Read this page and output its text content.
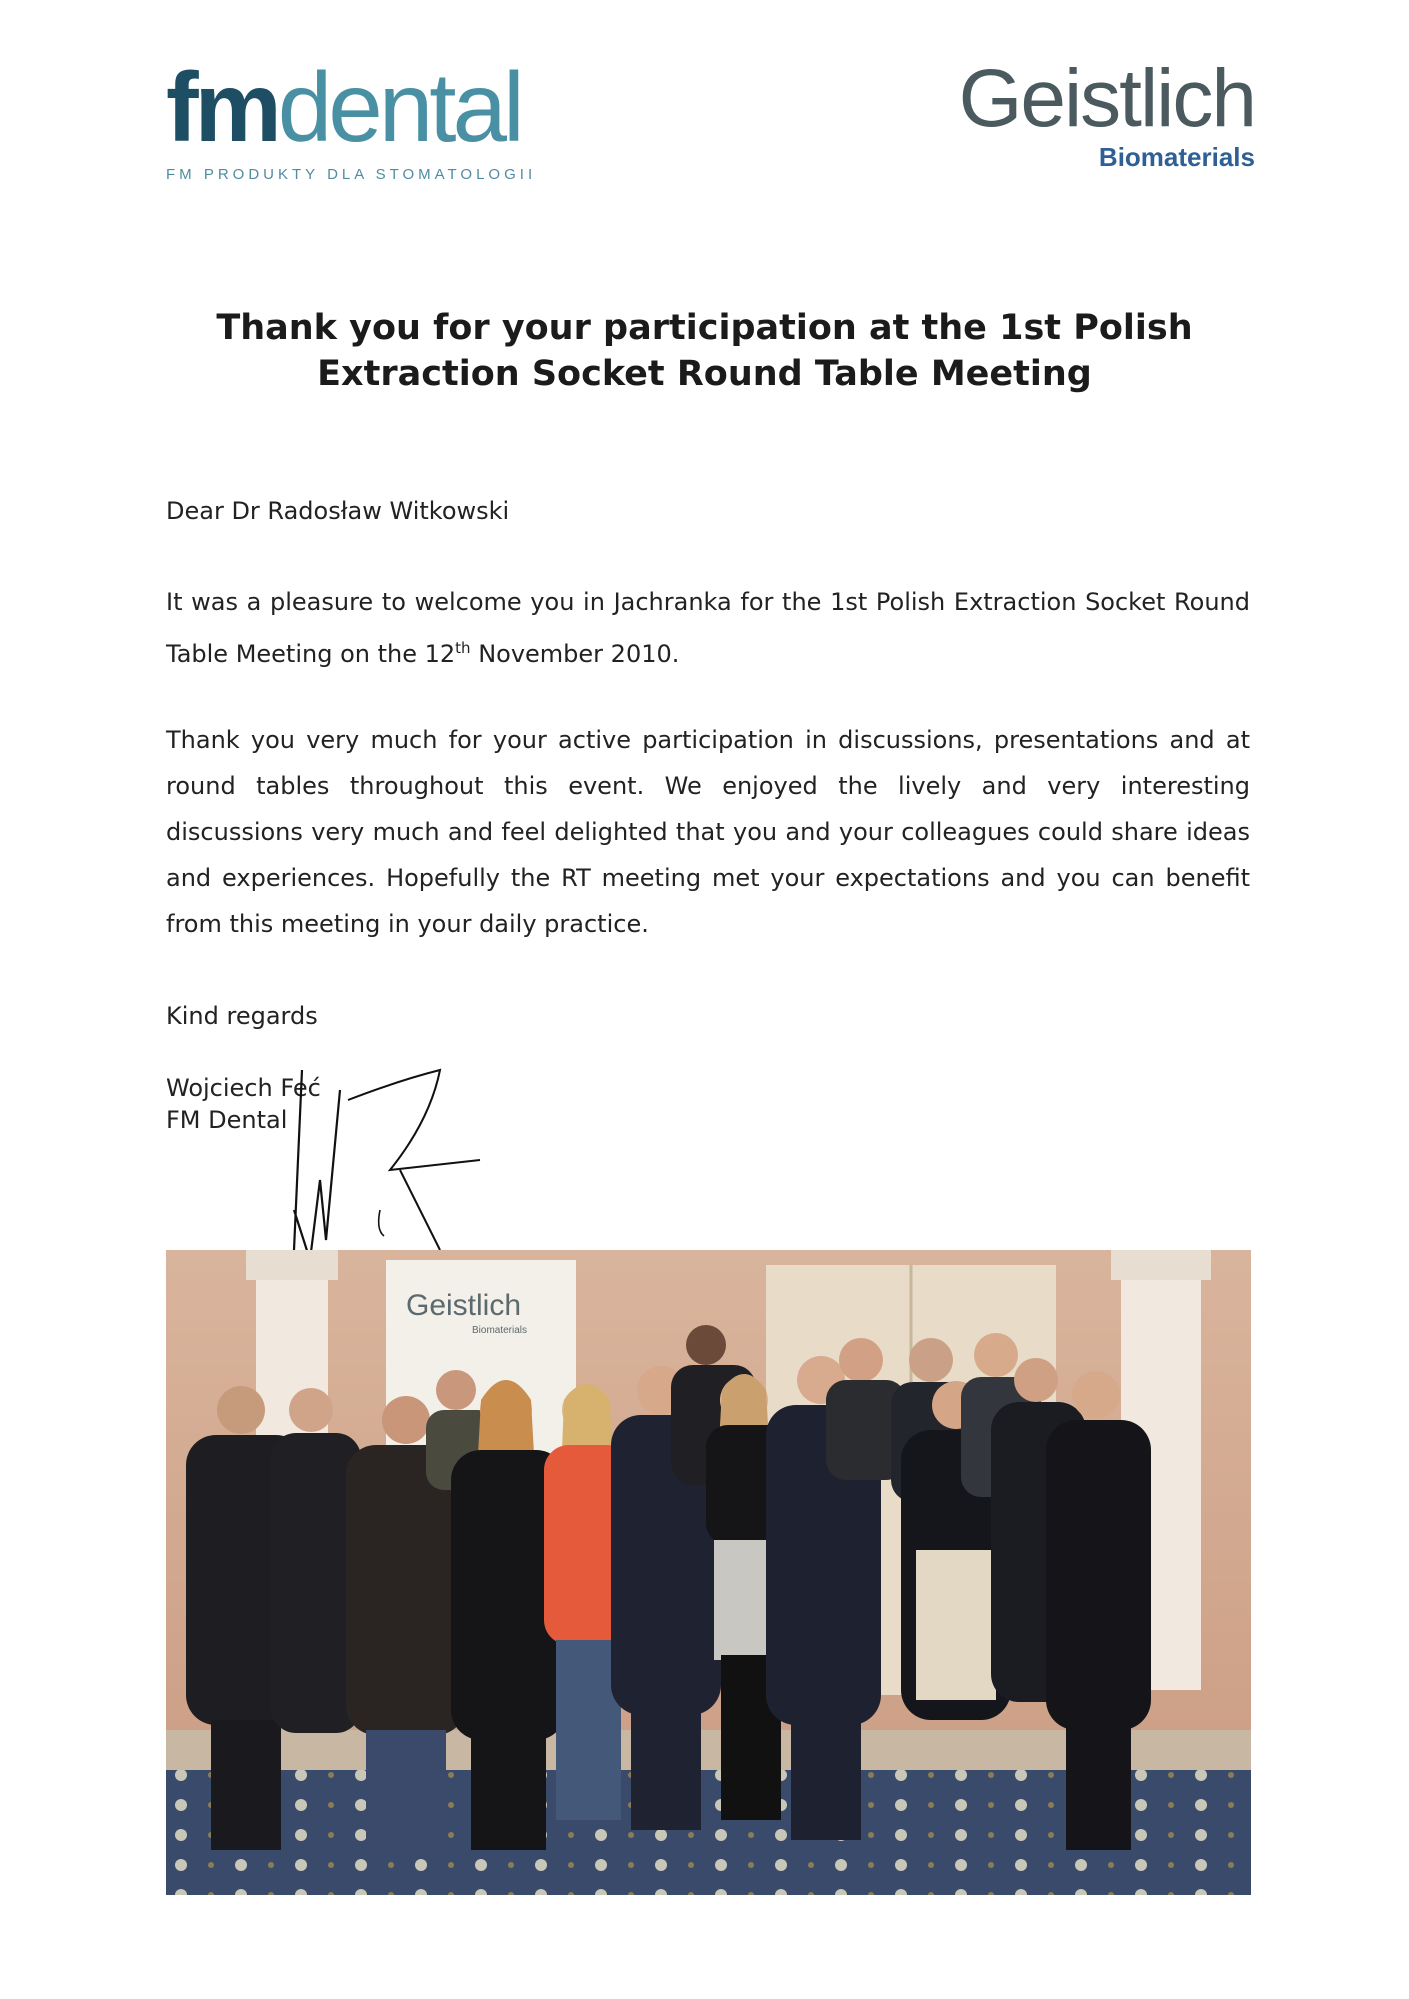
fmdental
FM PRODUKTY DLA STOMATOLOGII
Geistlich
Biomaterials
Thank you for your participation at the 1st Polish Extraction Socket Round Table Meeting
Dear Dr Radosław Witkowski
It was a pleasure to welcome you in Jachranka for the 1st Polish Extraction Socket Round Table Meeting on the 12th November 2010.
Thank you very much for your active participation in discussions, presentations and at round tables throughout this event. We enjoyed the lively and very interesting discussions very much and feel delighted that you and your colleagues could share ideas and experiences. Hopefully the RT meeting met your expectations and you can benefit from this meeting in your daily practice.
Kind regards
Wojciech Feć
FM Dental
Geistlich
Biomaterials
